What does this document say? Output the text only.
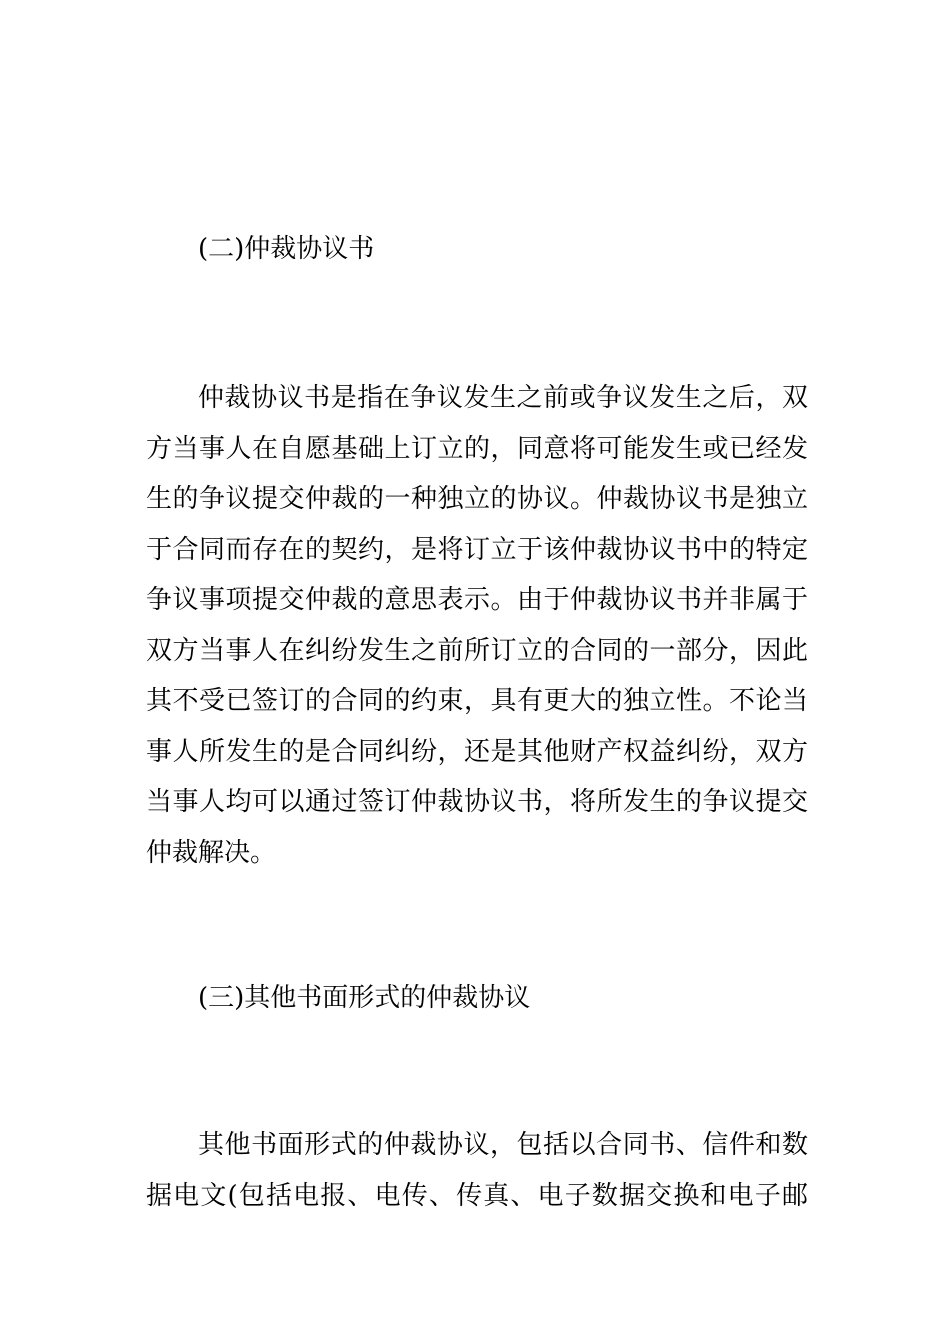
(二)仲裁协议书
仲裁协议书是指在争议发生之前或争议发生之后，双
方当事人在自愿基础上订立的，同意将可能发生或已经发
生的争议提交仲裁的一种独立的协议。仲裁协议书是独立
于合同而存在的契约，是将订立于该仲裁协议书中的特定
争议事项提交仲裁的意思表示。由于仲裁协议书并非属于
双方当事人在纠纷发生之前所订立的合同的一部分，因此
其不受已签订的合同的约束，具有更大的独立性。不论当
事人所发生的是合同纠纷，还是其他财产权益纠纷，双方
当事人均可以通过签订仲裁协议书，将所发生的争议提交
仲裁解决。
(三)其他书面形式的仲裁协议
其他书面形式的仲裁协议，包括以合同书、信件和数
据电文(包括电报、电传、传真、电子数据交换和电子邮
